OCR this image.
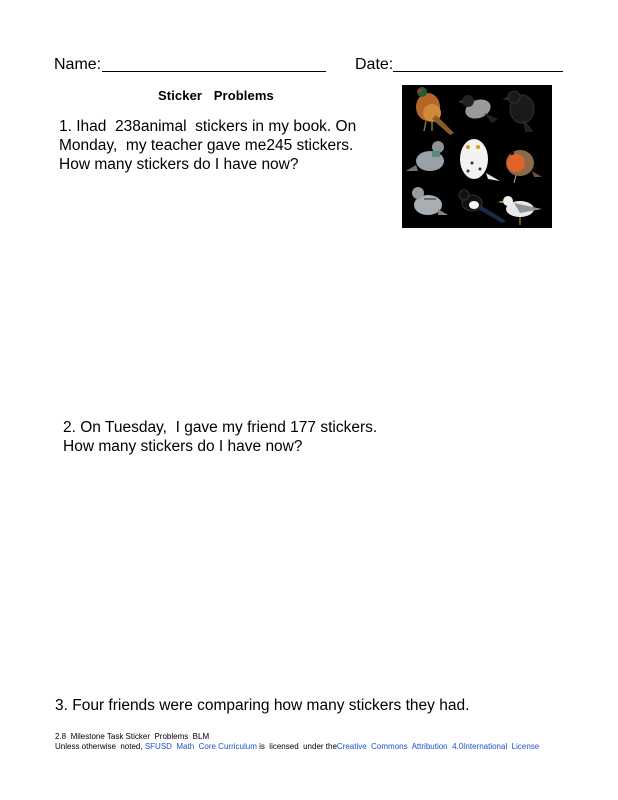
Name:	Date:
Sticker Problems
1. Ihad  238animal  stickers in my book. On
Monday,  my teacher gave me245 stickers.
How many stickers do I have now?
2. On Tuesday,  I gave my friend 177 stickers.
How many stickers do I have now?
3. Four friends were comparing how many stickers they had.
2.8  Milestone Task Sticker  Problems  BLM
Unless otherwise  noted, SFUSD  Math  Core Curriculum is  licensed  under theCreative  Commons  Attribution  4.0International  License
